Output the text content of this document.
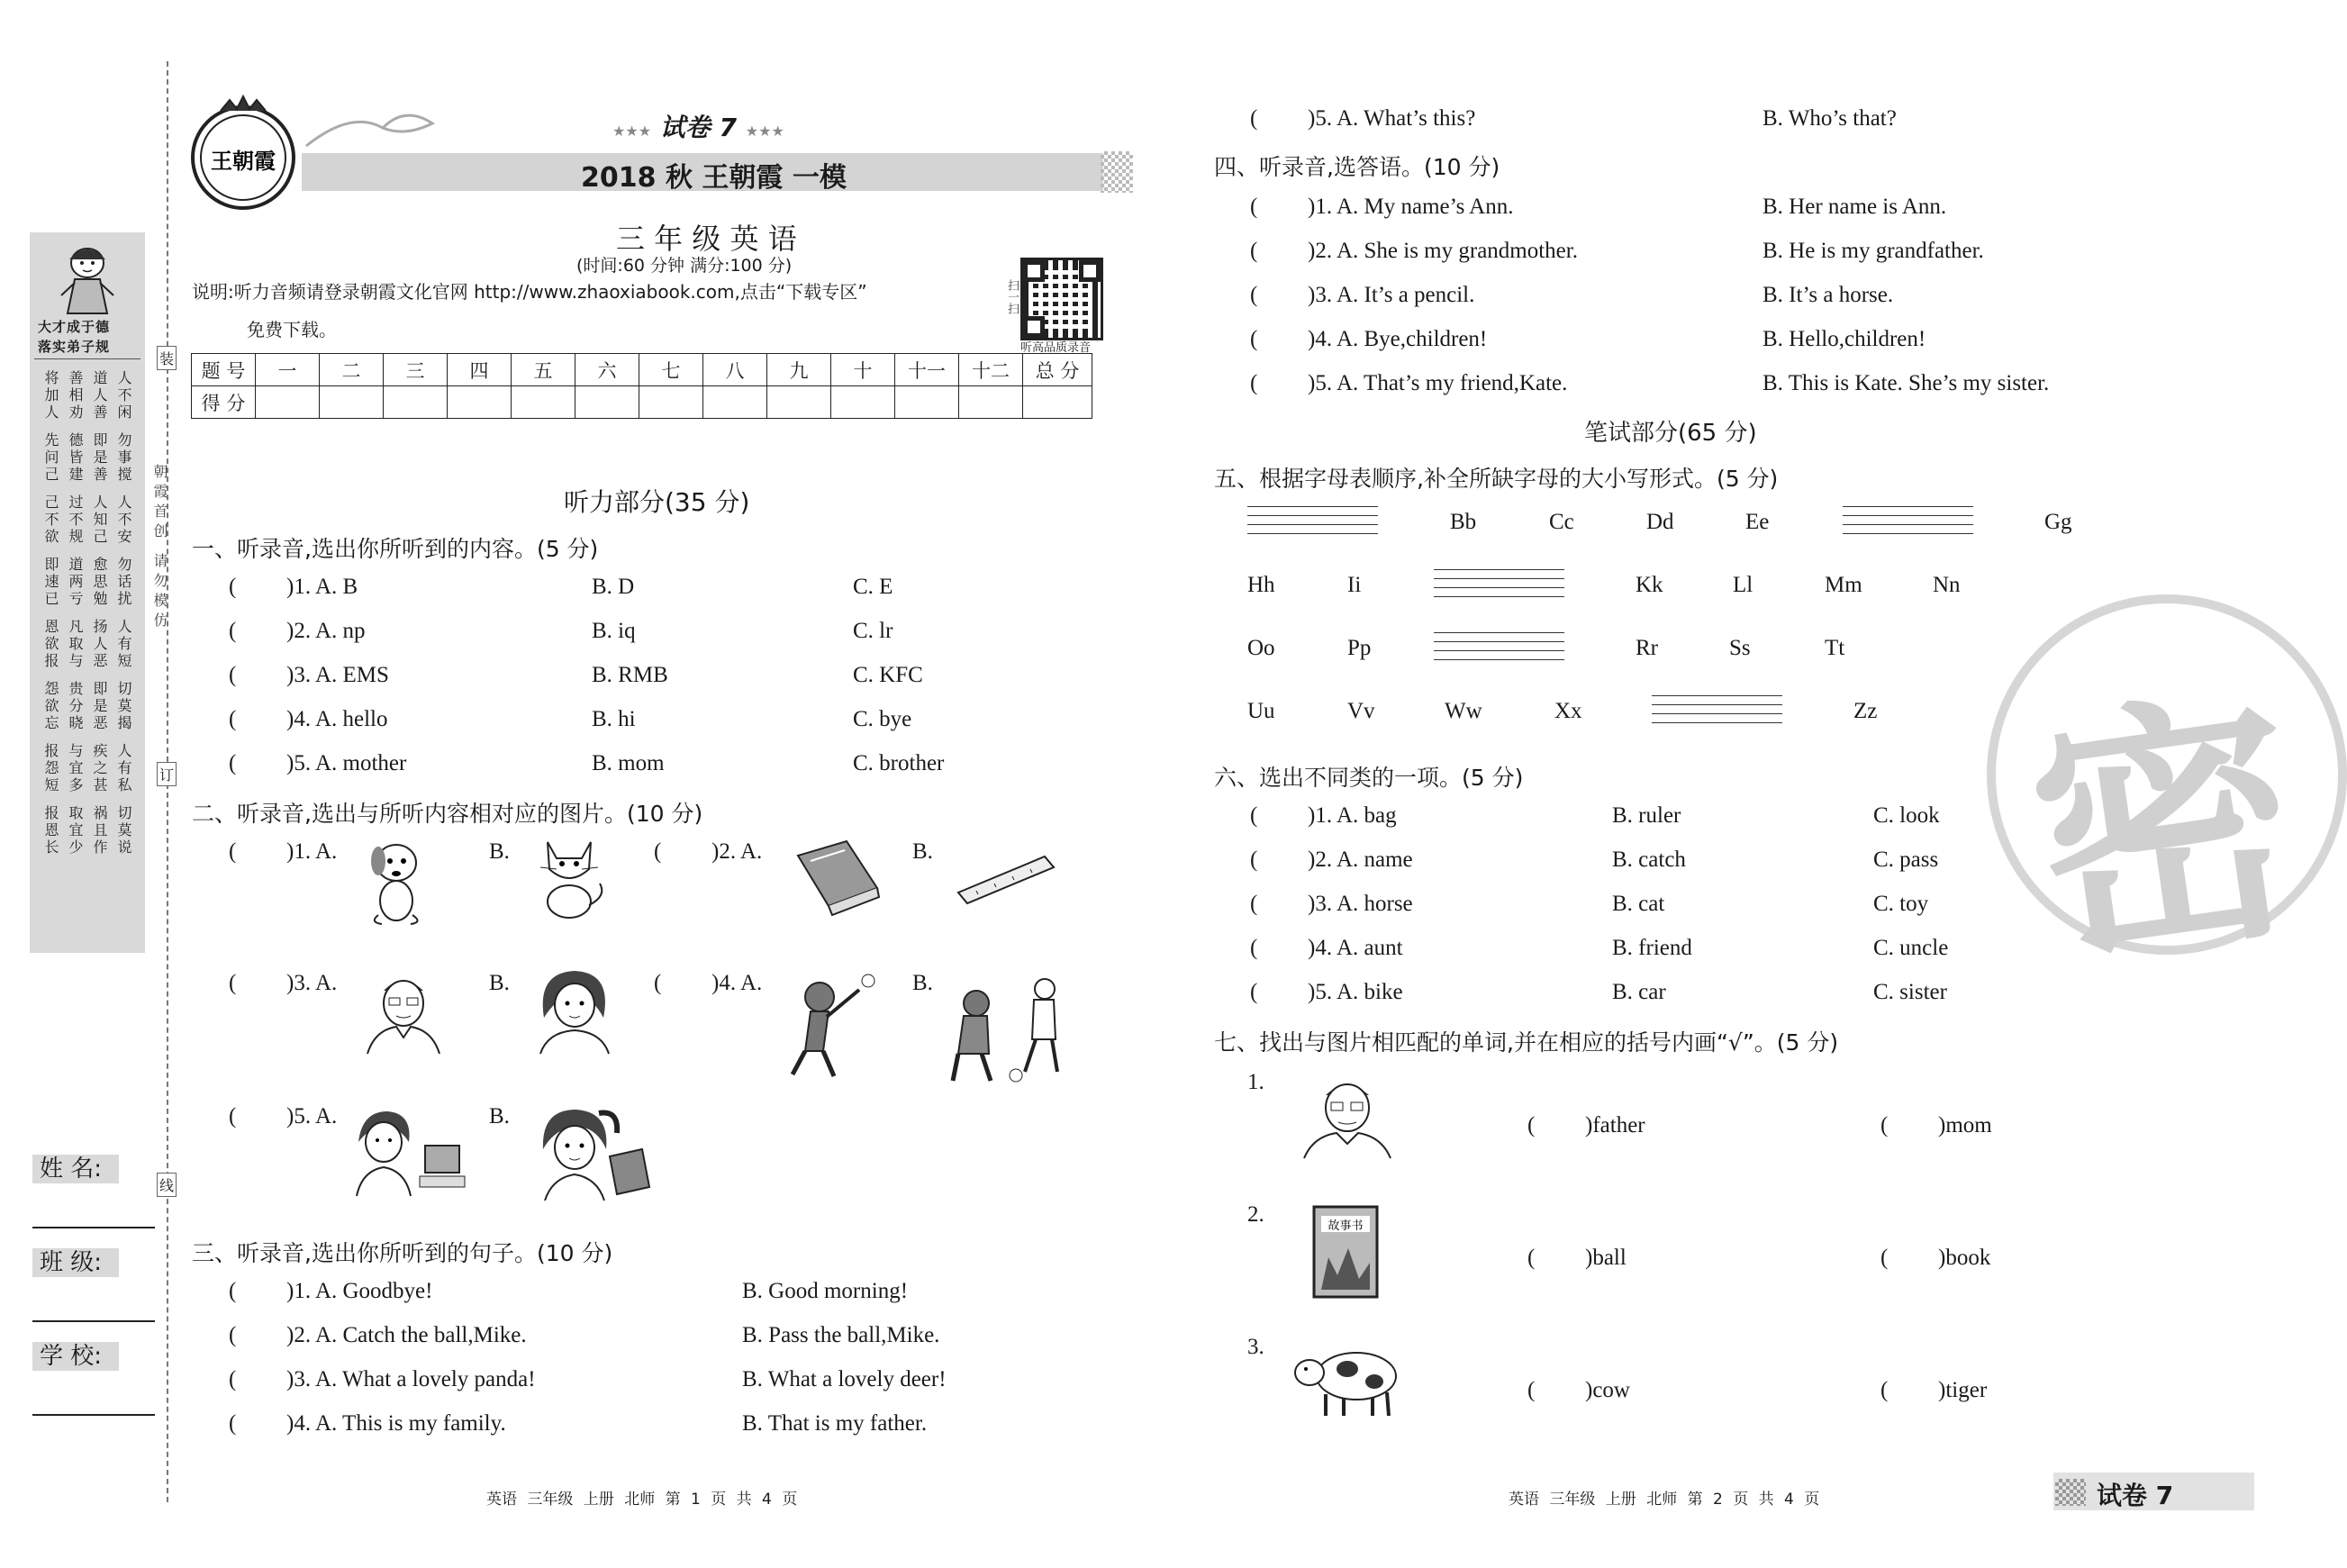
大才成于德
落实弟子规
将 善 道 人
加 相 人 不
人 劝 善 闲
先 德 即 勿
问 皆 是 事
己 建 善 搅
己 过 人 人
不 不 知 不
欲 规 己 安
即 道 愈 勿
速 两 思 话
已 亏 勉 扰
恩 凡 扬 人
欲 取 人 有
报 与 恶 短
怨 贵 即 切
欲 分 是 莫
忘 晓 恶 揭
报 与 疾 人
怨 宜 之 有
短 多 甚 私
报 取 祸 切
恩 宜 且 莫
长 少 作 说
朝霞首创 请勿模仿
装
订
线
姓 名:
班 级:
学 校:
王朝霞
★★★ 试卷 7 ★★★
2018 秋 王朝霞 一模
三 年 级 英 语
(时间:60 分钟 满分:100 分)
说明:听力音频请登录朝霞文化官网 http://www.zhaoxiabook.com,点击“下载专区”
免费下载。
扫一扫
听高品质录音
题 号	一	二	三	四	五	六	七	八	九	十	十一	十二	总 分
得 分													
听力部分(35 分)
一、听录音,选出你所听到的内容。(5 分)
( )1. A. B	B. D	C. E
( )2. A. np	B. iq	C. lr
( )3. A. EMS	B. RMB	C. KFC
( )4. A. hello	B. hi	C. bye
( )5. A. mother	B. mom	C. brother
二、听录音,选出与所听内容相对应的图片。(10 分)
( )1. A.	B.	( )2. A.	B.
( )3. A.	B.	( )4. A.	B.
( )5. A.	B.
三、听录音,选出你所听到的句子。(10 分)
( )1. A. Goodbye!	B. Good morning!
( )2. A. Catch the ball,Mike.	B. Pass the ball,Mike.
( )3. A. What a lovely panda!	B. What a lovely deer!
( )4. A. This is my family.	B. That is my father.
( )5. A. What’s this?	B. Who’s that?
四、听录音,选答语。(10 分)
( )1. A. My name’s Ann.	B. Her name is Ann.
( )2. A. She is my grandmother.	B. He is my grandfather.
( )3. A. It’s a pencil.	B. It’s a horse.
( )4. A. Bye,children!	B. Hello,children!
( )5. A. That’s my friend,Kate.	B. This is Kate. She’s my sister.
笔试部分(65 分)
五、根据字母表顺序,补全所缺字母的大小写形式。(5 分)
Bb	Cc	Dd	Ee	Gg
Hh	Ii	Kk	Ll	Mm	Nn
Oo	Pp	Rr	Ss	Tt
Uu	Vv	Ww	Xx	Zz
六、选出不同类的一项。(5 分)
( )1. A. bag	B. ruler	C. look
( )2. A. name	B. catch	C. pass
( )3. A. horse	B. cat	C. toy
( )4. A. aunt	B. friend	C. uncle
( )5. A. bike	B. car	C. sister
七、找出与图片相匹配的单词,并在相应的括号内画“√”。(5 分)
1.
( )father	( )mom
2.
( )ball	( )book
3.
( )cow	( )tiger
故事书
密
英语 三年级 上册 北师 第 1 页 共 4 页	英语 三年级 上册 北师 第 2 页 共 4 页	试卷 7
